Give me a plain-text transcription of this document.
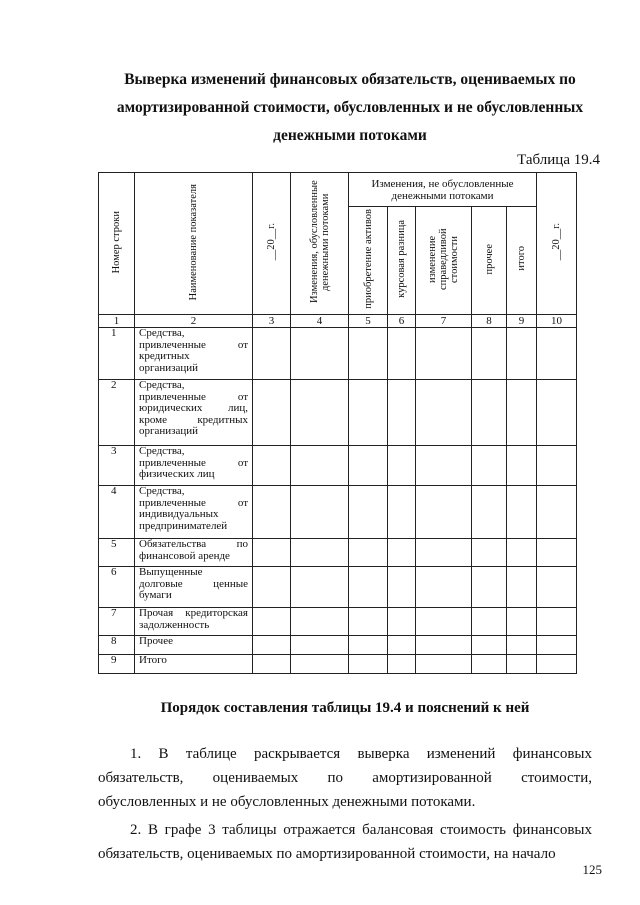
Выверка изменений финансовых обязательств, оцениваемых по
амортизированной стоимости, обусловленных и не обусловленных
денежными потоками
Таблица 19.4
Номер строки	Наименование показателя	__20__г.	Изменения, обусловленные денежными потоками	Изменения, не обусловленные денежными потоками					__20__г.
				приобретение активов	курсовая разница	изменение справедливой стоимости	прочее	итого	
1	2	3	4	5	6	7	8	9	10
1	Средства, привлеченные от кредитных организаций								
2	Средства, привлеченные от юридических лиц, кроме кредитных организаций								
3	Средства, привлеченные от физических лиц								
4	Средства, привлеченные от индивидуальных предпринимателей								
5	Обязательства по финансовой аренде								
6	Выпущенные долговые ценные бумаги								
7	Прочая кредиторская задолженность								
8	Прочее								
9	Итого								
Порядок составления таблицы 19.4 и пояснений к ней

1. В таблице раскрывается выверка изменений финансовых обязательств, оцениваемых по амортизированной стоимости, обусловленных и не обусловленных денежными потоками.

2. В графе 3 таблицы отражается балансовая стоимость финансовых обязательств, оцениваемых по амортизированной стоимости, на начало

125
